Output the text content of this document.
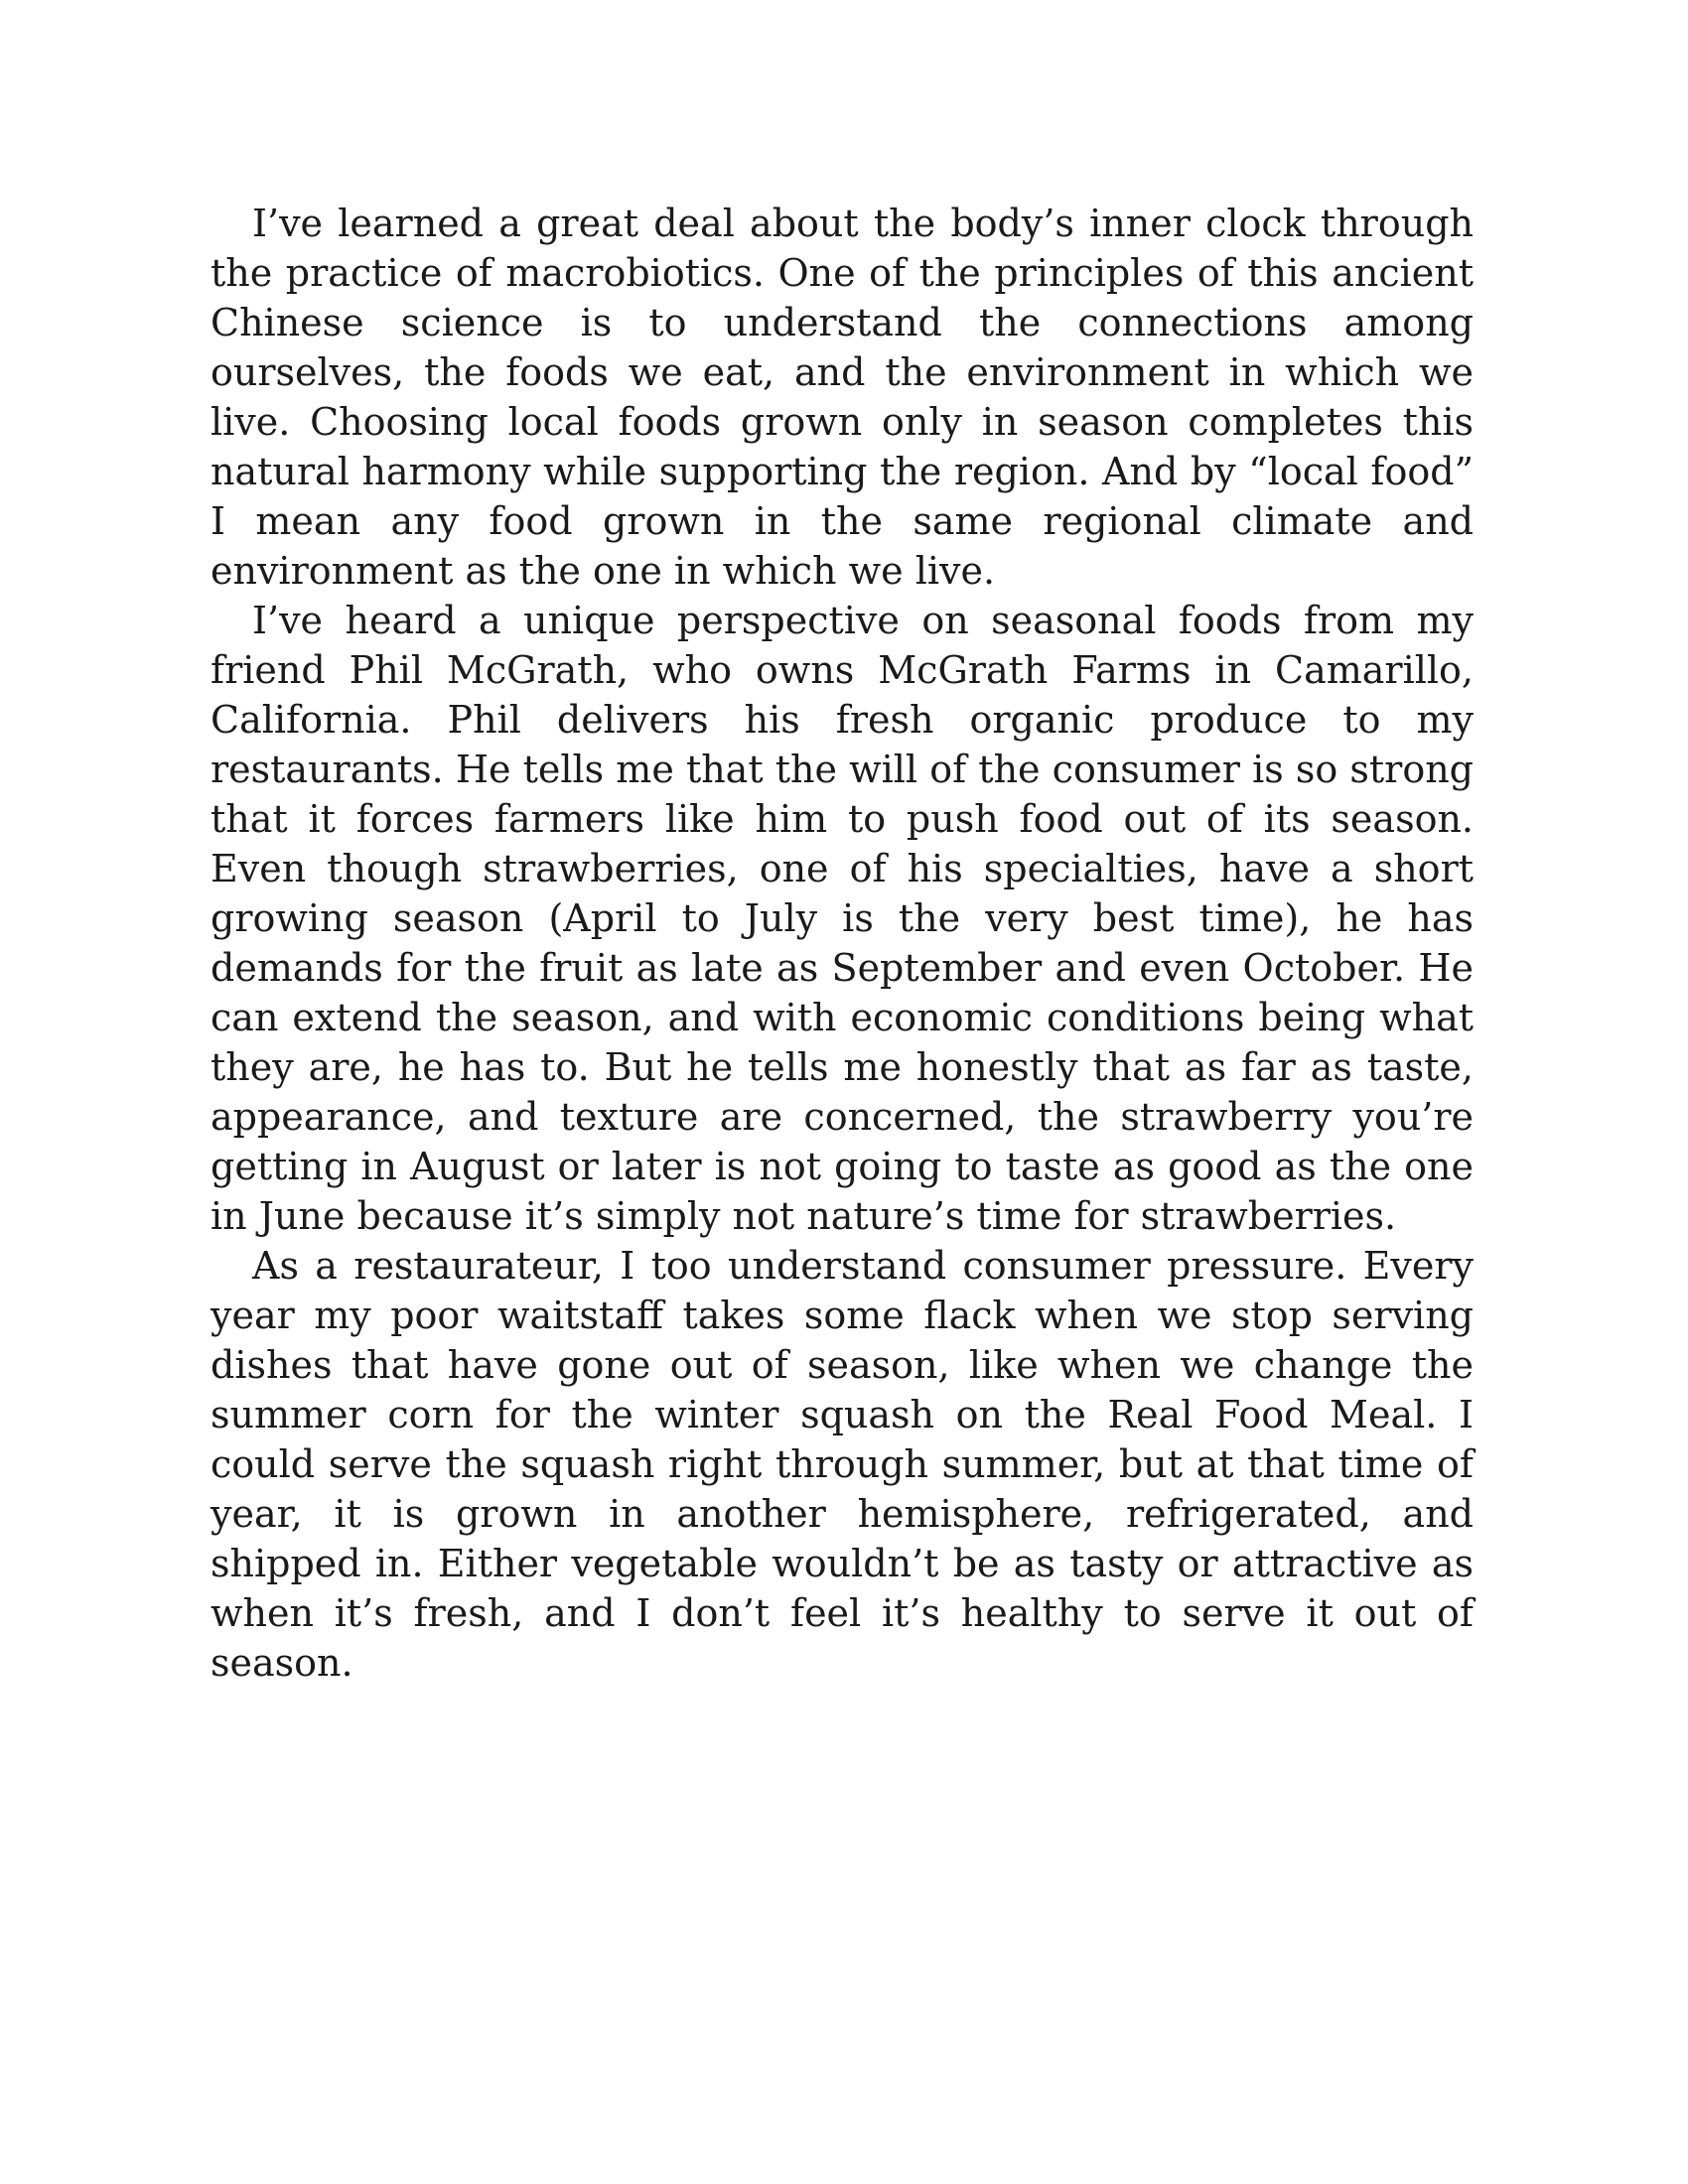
I’ve learned a great deal about the body’s inner clock through the practice of macrobiotics. One of the principles of this ancient Chinese science is to understand the connections among ourselves, the foods we eat, and the environment in which we live. Choosing local foods grown only in season completes this natural harmony while supporting the region. And by “local food” I mean any food grown in the same regional climate and environment as the one in which we live.

I’ve heard a unique perspective on seasonal foods from my friend Phil McGrath, who owns McGrath Farms in Camarillo, California. Phil delivers his fresh organic produce to my restaurants. He tells me that the will of the consumer is so strong that it forces farmers like him to push food out of its season. Even though strawberries, one of his specialties, have a short growing season (April to July is the very best time), he has demands for the fruit as late as September and even October. He can extend the season, and with economic conditions being what they are, he has to. But he tells me honestly that as far as taste, appearance, and texture are concerned, the strawberry you’re getting in August or later is not going to taste as good as the one in June because it’s simply not nature’s time for strawberries.

As a restaurateur, I too understand consumer pressure. Every year my poor waitstaff takes some flack when we stop serving dishes that have gone out of season, like when we change the summer corn for the winter squash on the Real Food Meal. I could serve the squash right through summer, but at that time of year, it is grown in another hemisphere, refrigerated, and shipped in. Either vegetable wouldn’t be as tasty or attractive as when it’s fresh, and I don’t feel it’s healthy to serve it out of season.
